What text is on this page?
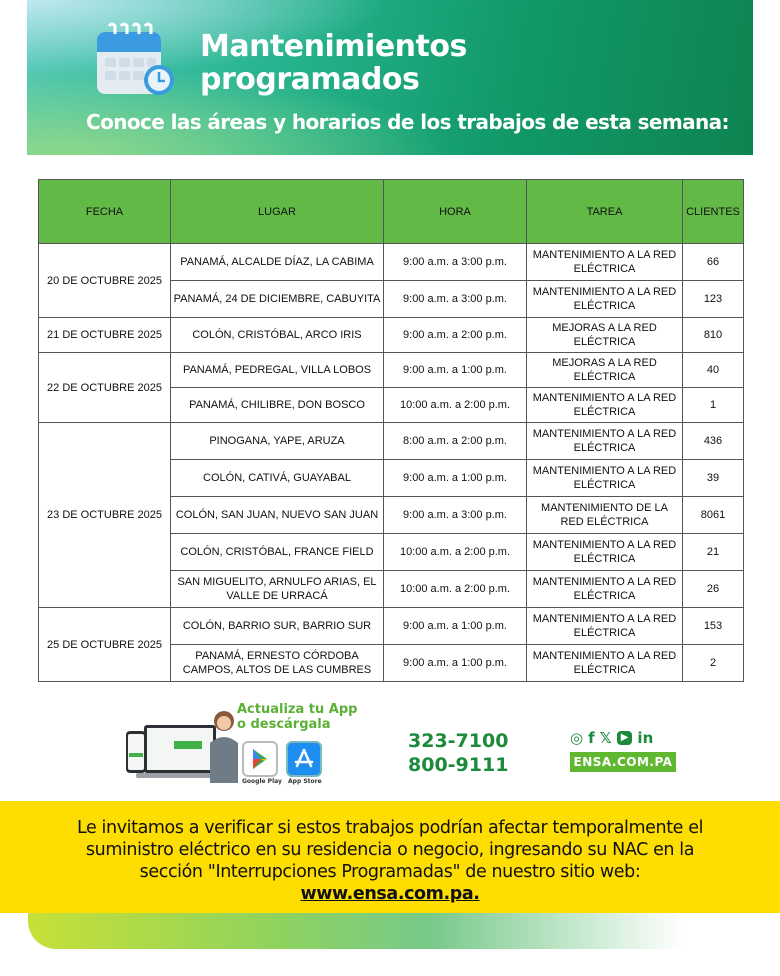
Mantenimientos
programados
Conoce las áreas y horarios de los trabajos de esta semana:
FECHA	LUGAR	HORA	TAREA	CLIENTES
20 DE OCTUBRE 2025	PANAMÁ, ALCALDE DÍAZ, LA CABIMA	9:00 a.m. a 3:00 p.m.	MANTENIMIENTO A LA RED ELÉCTRICA	66
	PANAMÁ, 24 DE DICIEMBRE, CABUYITA	9:00 a.m. a 3:00 p.m.	MANTENIMIENTO A LA RED ELÉCTRICA	123
21 DE OCTUBRE 2025	COLÓN, CRISTÓBAL, ARCO IRIS	9:00 a.m. a 2:00 p.m.	MEJORAS A LA RED ELÉCTRICA	810
22 DE OCTUBRE 2025	PANAMÁ, PEDREGAL, VILLA LOBOS	9:00 a.m. a 1:00 p.m.	MEJORAS A LA RED ELÉCTRICA	40
	PANAMÁ, CHILIBRE, DON BOSCO	10:00 a.m. a 2:00 p.m.	MANTENIMIENTO A LA RED ELÉCTRICA	1
23 DE OCTUBRE 2025	PINOGANA, YAPE, ARUZA	8:00 a.m. a 2:00 p.m.	MANTENIMIENTO A LA RED ELÉCTRICA	436
	COLÓN, CATIVÁ, GUAYABAL	9:00 a.m. a 1:00 p.m.	MANTENIMIENTO A LA RED ELÉCTRICA	39
	COLÓN, SAN JUAN, NUEVO SAN JUAN	9:00 a.m. a 3:00 p.m.	MANTENIMIENTO DE LA RED ELÉCTRICA	8061
	COLÓN, CRISTÓBAL, FRANCE FIELD	10:00 a.m. a 2:00 p.m.	MANTENIMIENTO A LA RED ELÉCTRICA	21
	SAN MIGUELITO, ARNULFO ARIAS, EL VALLE DE URRACÁ	10:00 a.m. a 2:00 p.m.	MANTENIMIENTO A LA RED ELÉCTRICA	26
25 DE OCTUBRE 2025	COLÓN, BARRIO SUR, BARRIO SUR	9:00 a.m. a 1:00 p.m.	MANTENIMIENTO A LA RED ELÉCTRICA	153
	PANAMÁ, ERNESTO CÓRDOBA CAMPOS, ALTOS DE LAS CUMBRES	9:00 a.m. a 1:00 p.m.	MANTENIMIENTO A LA RED ELÉCTRICA	2
Actualiza tu App
o descárgala
Google Play App Store
323-7100
800-9111
◎ f 𝕏 ▶ in
ENSA.COM.PA
Le invitamos a verificar si estos trabajos podrían afectar temporalmente el
suministro eléctrico en su residencia o negocio, ingresando su NAC en la
sección "Interrupciones Programadas" de nuestro sitio web:
www.ensa.com.pa.
